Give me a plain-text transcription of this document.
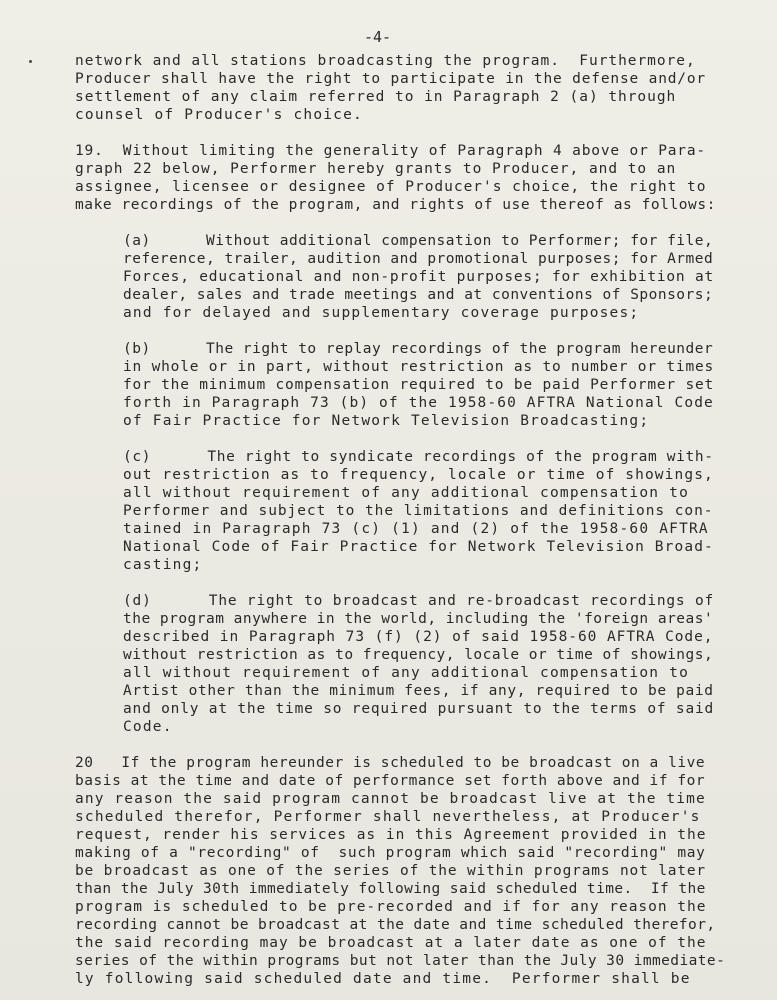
-4-
network and all stations broadcasting the program.  Furthermore,
Producer shall have the right to participate in the defense and/or
settlement of any claim referred to in Paragraph 2 (a) through
counsel of Producer's choice.
19.  Without limiting the generality of Paragraph 4 above or Para-
graph 22 below, Performer hereby grants to Producer, and to an
assignee, licensee or designee of Producer's choice, the right to
make recordings of the program, and rights of use thereof as follows:
(a)      Without additional compensation to Performer; for file,
reference, trailer, audition and promotional purposes; for Armed
Forces, educational and non-profit purposes; for exhibition at
dealer, sales and trade meetings and at conventions of Sponsors;
and for delayed and supplementary coverage purposes;
(b)      The right to replay recordings of the program hereunder
in whole or in part, without restriction as to number or times
for the minimum compensation required to be paid Performer set
forth in Paragraph 73 (b) of the 1958-60 AFTRA National Code
of Fair Practice for Network Television Broadcasting;
(c)      The right to syndicate recordings of the program with-
out restriction as to frequency, locale or time of showings,
all without requirement of any additional compensation to
Performer and subject to the limitations and definitions con-
tained in Paragraph 73 (c) (1) and (2) of the 1958-60 AFTRA
National Code of Fair Practice for Network Television Broad-
casting;
(d)      The right to broadcast and re-broadcast recordings of
the program anywhere in the world, including the 'foreign areas'
described in Paragraph 73 (f) (2) of said 1958-60 AFTRA Code,
without restriction as to frequency, locale or time of showings,
all without requirement of any additional compensation to
Artist other than the minimum fees, if any, required to be paid
and only at the time so required pursuant to the terms of said
Code.
20   If the program hereunder is scheduled to be broadcast on a live
basis at the time and date of performance set forth above and if for
any reason the said program cannot be broadcast live at the time
scheduled therefor, Performer shall nevertheless, at Producer's
request, render his services as in this Agreement provided in the
making of a "recording" of  such program which said "recording" may
be broadcast as one of the series of the within programs not later
than the July 30th immediately following said scheduled time.  If the
program is scheduled to be pre-recorded and if for any reason the
recording cannot be broadcast at the date and time scheduled therefor,
the said recording may be broadcast at a later date as one of the
series of the within programs but not later than the July 30 immediate-
ly following said scheduled date and time.  Performer shall be
